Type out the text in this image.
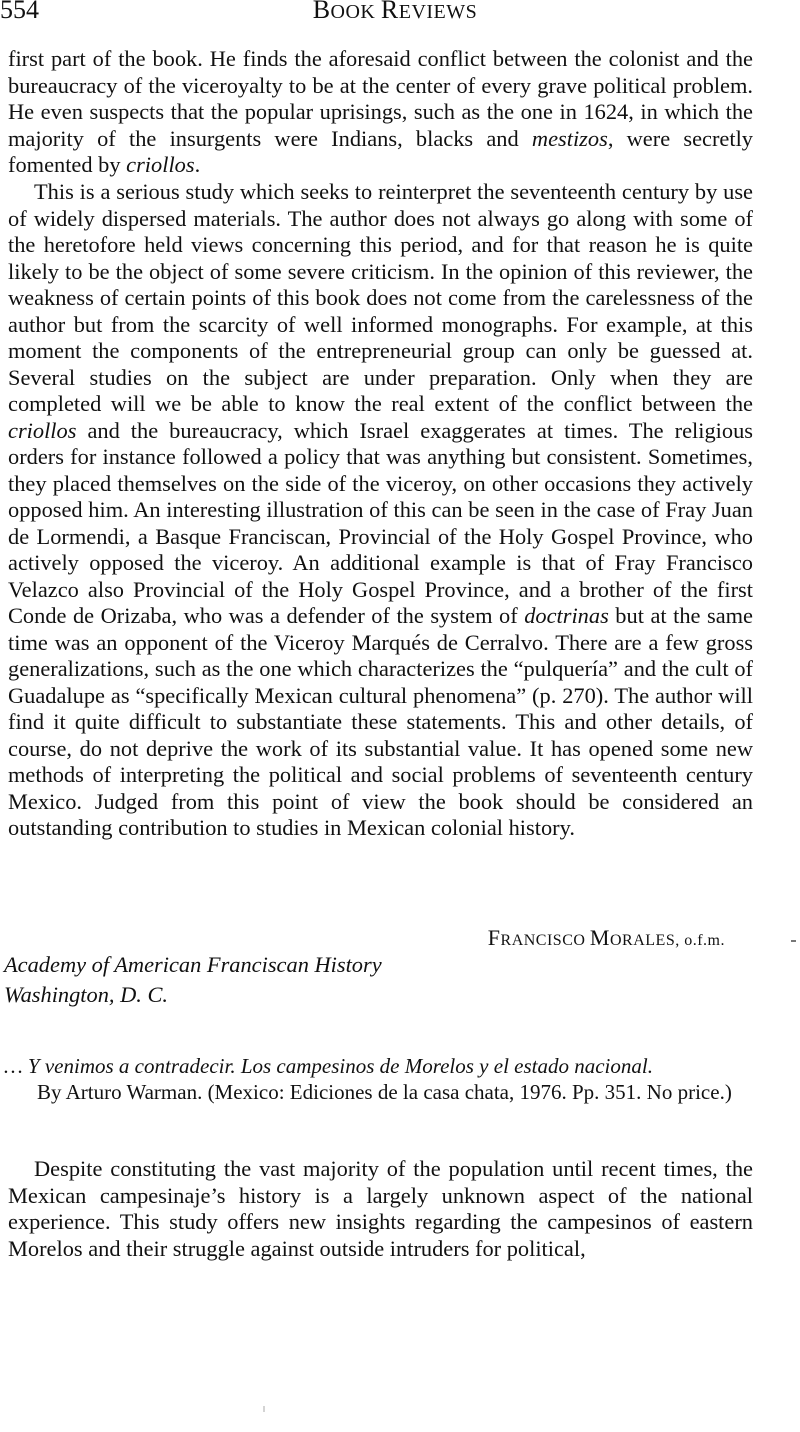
554	BOOK REVIEWS

first part of the book. He finds the aforesaid conflict between the colonist and the bureaucracy of the viceroyalty to be at the center of every grave political problem. He even suspects that the popular uprisings, such as the one in 1624, in which the majority of the insurgents were Indians, blacks and mestizos, were secretly fomented by criollos.

This is a serious study which seeks to reinterpret the seventeenth century by use of widely dispersed materials. The author does not always go along with some of the heretofore held views concerning this period, and for that reason he is quite likely to be the object of some severe criticism. In the opinion of this reviewer, the weakness of certain points of this book does not come from the carelessness of the author but from the scarcity of well informed monographs. For example, at this moment the components of the entrepreneurial group can only be guessed at. Several studies on the subject are under preparation. Only when they are completed will we be able to know the real extent of the conflict between the criollos and the bureaucracy, which Israel exaggerates at times. The religious orders for instance followed a policy that was anything but consistent. Sometimes, they placed themselves on the side of the viceroy, on other occasions they actively opposed him. An interesting illustration of this can be seen in the case of Fray Juan de Lormendi, a Basque Franciscan, Provincial of the Holy Gospel Province, who actively opposed the viceroy. An additional example is that of Fray Francisco Velazco also Provincial of the Holy Gospel Province, and a brother of the first Conde de Orizaba, who was a defender of the system of doctrinas but at the same time was an opponent of the Viceroy Marqués de Cerralvo. There are a few gross generalizations, such as the one which characterizes the “pulquería” and the cult of Guadalupe as “specifically Mexican cultural phenomena” (p. 270). The author will find it quite difficult to substantiate these statements. This and other details, of course, do not deprive the work of its substantial value. It has opened some new methods of interpreting the political and social problems of seventeenth century Mexico. Judged from this point of view the book should be considered an outstanding contribution to studies in Mexican colonial history.

FRANCISCO MORALES, o.f.m.
Academy of American Franciscan History
Washington, D. C.
… Y venimos a contradecir. Los campesinos de Morelos y el estado nacional.
By Arturo Warman. (Mexico: Ediciones de la casa chata, 1976. Pp. 351. No price.)

Despite constituting the vast majority of the population until recent times, the Mexican campesinaje’s history is a largely unknown aspect of the national experience. This study offers new insights regarding the campesinos of eastern Morelos and their struggle against outside intruders for political,
